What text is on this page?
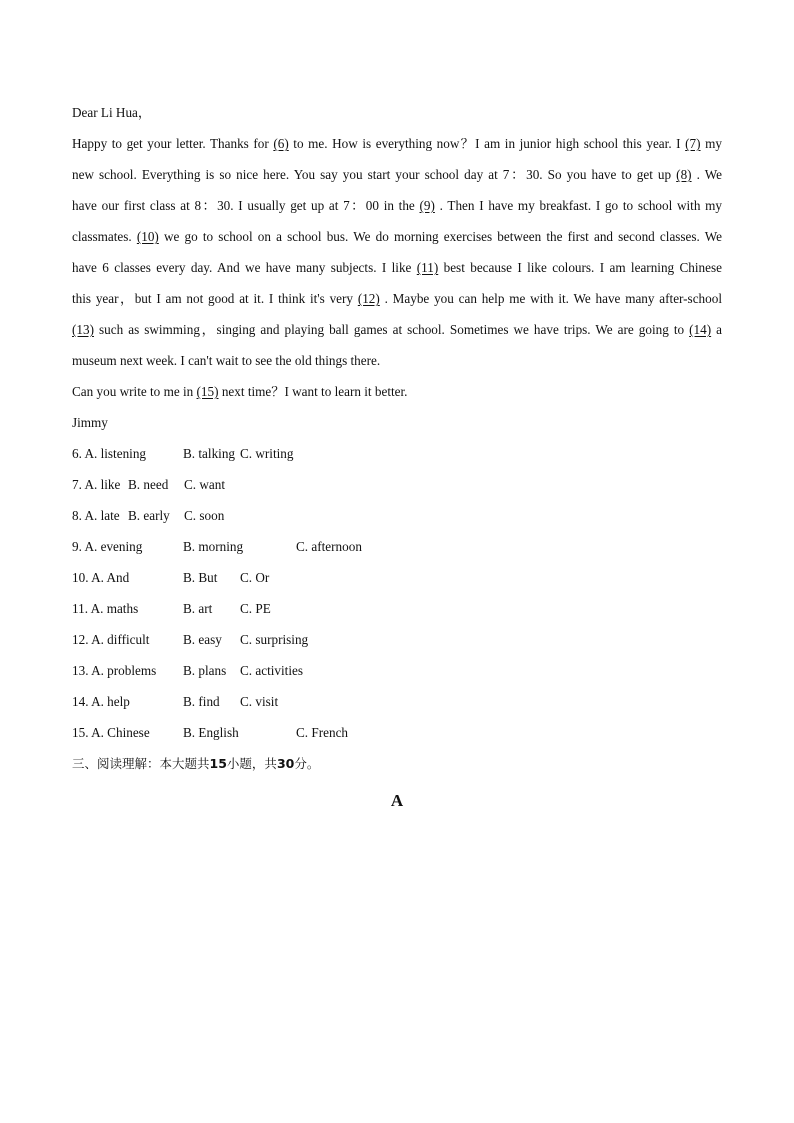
Dear Li Hua，
Happy to get your letter. Thanks for (6) to me. How is everything now？I am in junior high school this year. I (7) my
new school. Everything is so nice here. You say you start your school day at 7：30. So you have to get up (8) . We
have our first class at 8：30. I usually get up at 7：00 in the (9) . Then I have my breakfast. I go to school with my
classmates. (10) we go to school on a school bus. We do morning exercises between the first and second classes. We
have 6 classes every day. And we have many subjects. I like (11) best because I like colours. I am learning Chinese
this year，but I am not good at it. I think it's very (12) . Maybe you can help me with it. We have many after-school
(13) such as swimming，singing and playing ball games at school. Sometimes we have trips. We are going to (14) a
museum next week. I can't wait to see the old things there.
Can you write to me in (15) next time？I want to learn it better.
Jimmy
6. A. listening	B. talking C. writing
7. A. like B. need C. want
8. A. late B. early C. soon
9. A. evening	B. morning	C. afternoon
10. A. And	B. But C. Or
11. A. maths	B. art C. PE
12. A. difficult	B. easy C. surprising
13. A. problems B. plans C. activities
14. A. help	B. find C. visit
15. A. Chinese	B. English	C. French
三、阅读理解：本大题共15小题，共30分。
A
